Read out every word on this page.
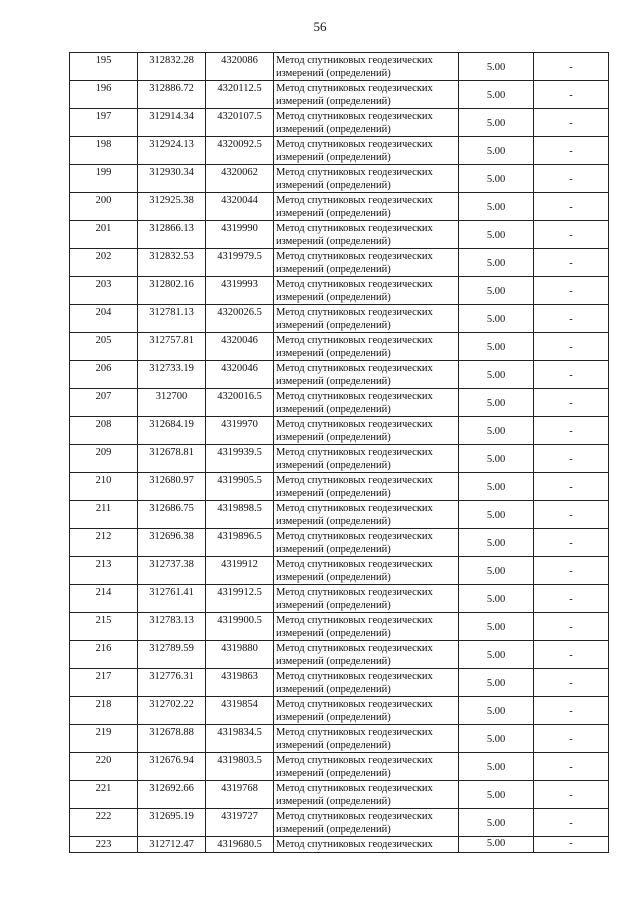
56
195	312832.28	4320086	Метод спутниковых геодезических измерений (определений)	5.00	-
196	312886.72	4320112.5	Метод спутниковых геодезических измерений (определений)	5.00	-
197	312914.34	4320107.5	Метод спутниковых геодезических измерений (определений)	5.00	-
198	312924.13	4320092.5	Метод спутниковых геодезических измерений (определений)	5.00	-
199	312930.34	4320062	Метод спутниковых геодезических измерений (определений)	5.00	-
200	312925.38	4320044	Метод спутниковых геодезических измерений (определений)	5.00	-
201	312866.13	4319990	Метод спутниковых геодезических измерений (определений)	5.00	-
202	312832.53	4319979.5	Метод спутниковых геодезических измерений (определений)	5.00	-
203	312802.16	4319993	Метод спутниковых геодезических измерений (определений)	5.00	-
204	312781.13	4320026.5	Метод спутниковых геодезических измерений (определений)	5.00	-
205	312757.81	4320046	Метод спутниковых геодезических измерений (определений)	5.00	-
206	312733.19	4320046	Метод спутниковых геодезических измерений (определений)	5.00	-
207	312700	4320016.5	Метод спутниковых геодезических измерений (определений)	5.00	-
208	312684.19	4319970	Метод спутниковых геодезических измерений (определений)	5.00	-
209	312678.81	4319939.5	Метод спутниковых геодезических измерений (определений)	5.00	-
210	312680.97	4319905.5	Метод спутниковых геодезических измерений (определений)	5.00	-
211	312686.75	4319898.5	Метод спутниковых геодезических измерений (определений)	5.00	-
212	312696.38	4319896.5	Метод спутниковых геодезических измерений (определений)	5.00	-
213	312737.38	4319912	Метод спутниковых геодезических измерений (определений)	5.00	-
214	312761.41	4319912.5	Метод спутниковых геодезических измерений (определений)	5.00	-
215	312783.13	4319900.5	Метод спутниковых геодезических измерений (определений)	5.00	-
216	312789.59	4319880	Метод спутниковых геодезических измерений (определений)	5.00	-
217	312776.31	4319863	Метод спутниковых геодезических измерений (определений)	5.00	-
218	312702.22	4319854	Метод спутниковых геодезических измерений (определений)	5.00	-
219	312678.88	4319834.5	Метод спутниковых геодезических измерений (определений)	5.00	-
220	312676.94	4319803.5	Метод спутниковых геодезических измерений (определений)	5.00	-
221	312692.66	4319768	Метод спутниковых геодезических измерений (определений)	5.00	-
222	312695.19	4319727	Метод спутниковых геодезических измерений (определений)	5.00	-
223	312712.47	4319680.5	Метод спутниковых геодезических	5.00	-
